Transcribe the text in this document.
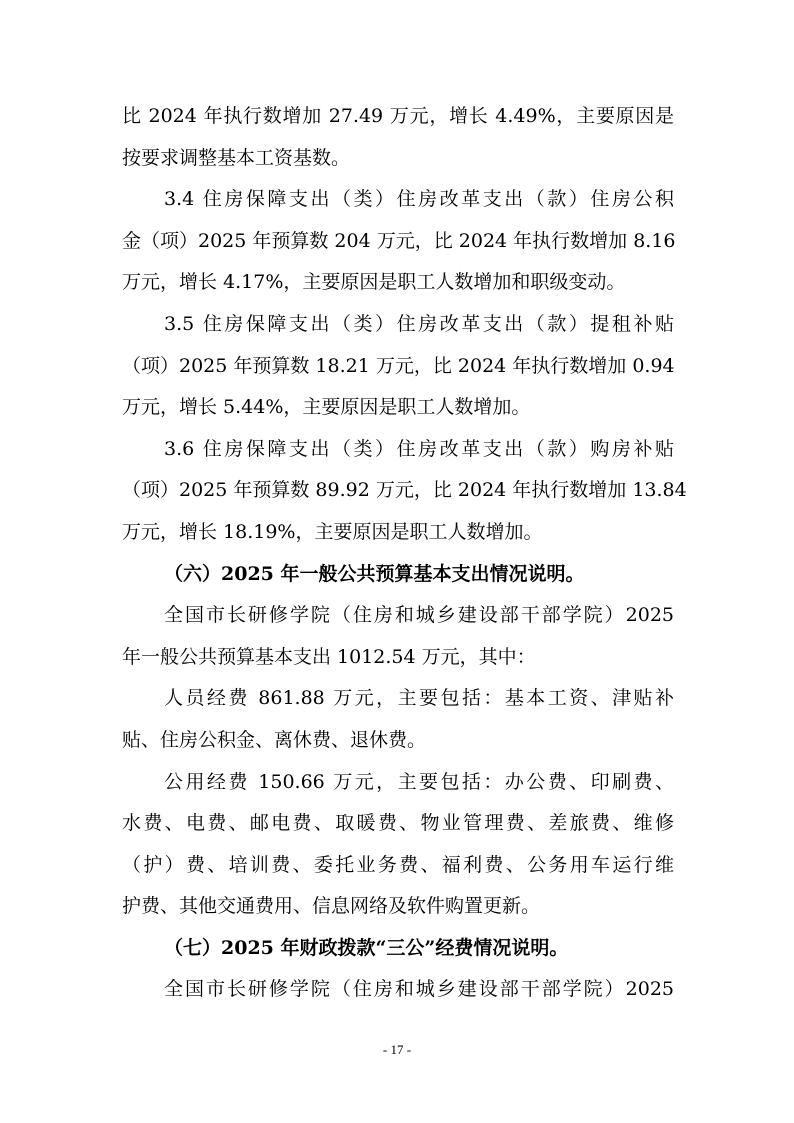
比 2024 年执行数增加 27.49 万元，增长 4.49%，主要原因是
按要求调整基本工资基数。
3.4 住房保障支出（类）住房改革支出（款）住房公积
金（项）2025 年预算数 204 万元，比 2024 年执行数增加 8.16
万元，增长 4.17%，主要原因是职工人数增加和职级变动。
3.5 住房保障支出（类）住房改革支出（款）提租补贴
（项）2025 年预算数 18.21 万元，比 2024 年执行数增加 0.94
万元，增长 5.44%，主要原因是职工人数增加。
3.6 住房保障支出（类）住房改革支出（款）购房补贴
（项）2025 年预算数 89.92 万元，比 2024 年执行数增加 13.84
万元，增长 18.19%，主要原因是职工人数增加。
（六）2025 年一般公共预算基本支出情况说明。
全国市长研修学院（住房和城乡建设部干部学院）2025
年一般公共预算基本支出 1012.54 万元，其中：
人员经费 861.88 万元，主要包括：基本工资、津贴补
贴、住房公积金、离休费、退休费。
公用经费 150.66 万元，主要包括：办公费、印刷费、
水费、电费、邮电费、取暖费、物业管理费、差旅费、维修
（护）费、培训费、委托业务费、福利费、公务用车运行维
护费、其他交通费用、信息网络及软件购置更新。
（七）2025 年财政拨款“三公”经费情况说明。
全国市长研修学院（住房和城乡建设部干部学院）2025
- 17 -
